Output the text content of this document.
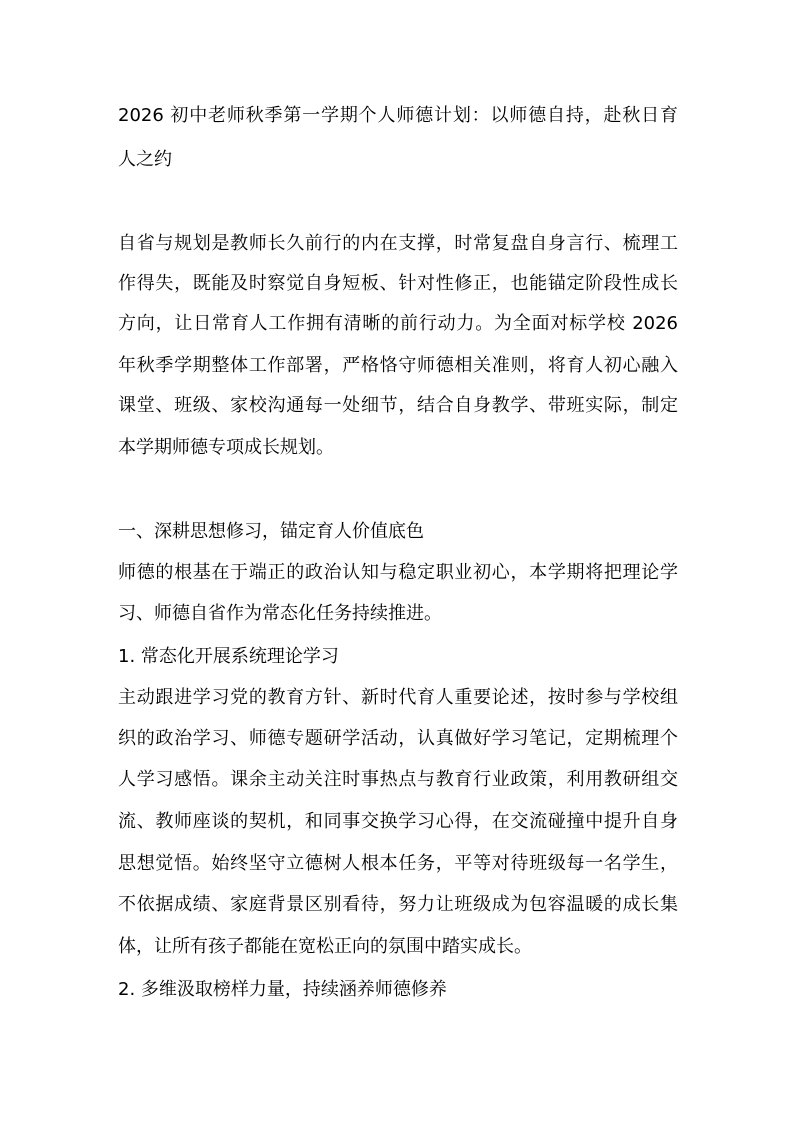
2026 初中老师秋季第一学期个人师德计划：以师德自持，赴秋日育

人之约

自省与规划是教师长久前行的内在支撑，时常复盘自身言行、梳理工

作得失，既能及时察觉自身短板、针对性修正，也能锚定阶段性成长

方向，让日常育人工作拥有清晰的前行动力。为全面对标学校 2026

年秋季学期整体工作部署，严格恪守师德相关准则，将育人初心融入

课堂、班级、家校沟通每一处细节，结合自身教学、带班实际，制定

本学期师德专项成长规划。

一、深耕思想修习，锚定育人价值底色

师德的根基在于端正的政治认知与稳定职业初心，本学期将把理论学

习、师德自省作为常态化任务持续推进。

1. 常态化开展系统理论学习

主动跟进学习党的教育方针、新时代育人重要论述，按时参与学校组

织的政治学习、师德专题研学活动，认真做好学习笔记，定期梳理个

人学习感悟。课余主动关注时事热点与教育行业政策，利用教研组交

流、教师座谈的契机，和同事交换学习心得，在交流碰撞中提升自身

思想觉悟。始终坚守立德树人根本任务，平等对待班级每一名学生，

不依据成绩、家庭背景区别看待，努力让班级成为包容温暖的成长集

体，让所有孩子都能在宽松正向的氛围中踏实成长。

2. 多维汲取榜样力量，持续涵养师德修养
